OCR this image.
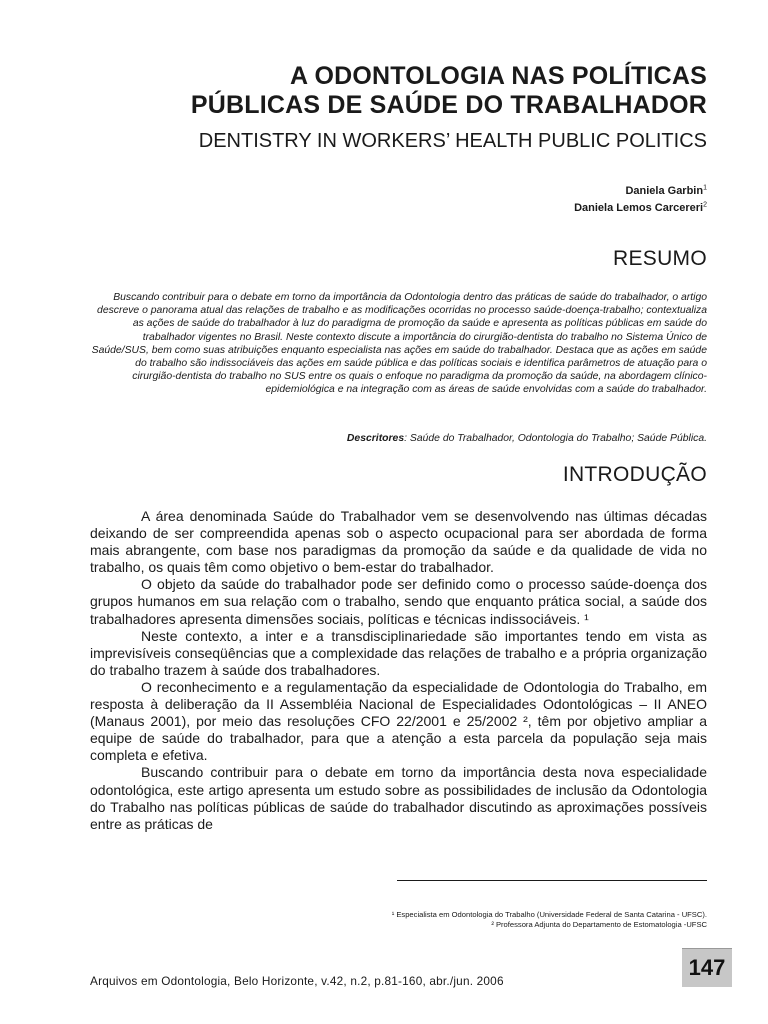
A ODONTOLOGIA NAS POLÍTICAS
PÚBLICAS DE SAÚDE DO TRABALHADOR
DENTISTRY IN WORKERS’ HEALTH PUBLIC POLITICS
Daniela Garbin$^1$
Daniela Lemos Carcereri$^2$
RESUMO
Buscando contribuir para o debate em torno da importância da Odontologia dentro das práticas de saúde do trabalhador, o artigo descreve o panorama atual das relações de trabalho e as modificações ocorridas no processo saúde-doença-trabalho; contextualiza as ações de saúde do trabalhador à luz do paradigma de promoção da saúde e apresenta as políticas públicas em saúde do trabalhador vigentes no Brasil. Neste contexto discute a importância do cirurgião-dentista do trabalho no Sistema Único de Saúde/SUS, bem como suas atribuições enquanto especialista nas ações em saúde do trabalhador. Destaca que as ações em saúde do trabalho são indissociáveis das ações em saúde pública e das políticas sociais e identifica parâmetros de atuação para o cirurgião-dentista do trabalho no SUS entre os quais o enfoque no paradigma da promoção da saúde, na abordagem clínico-epidemiológica e na integração com as áreas de saúde envolvidas com a saúde do trabalhador.
Descritores: Saúde do Trabalhador, Odontologia do Trabalho; Saúde Pública.
INTRODUÇÃO

A área denominada Saúde do Trabalhador vem se desenvolvendo nas últimas décadas deixando de ser compreendida apenas sob o aspecto ocupacional para ser abordada de forma mais abrangente, com base nos paradigmas da promoção da saúde e da qualidade de vida no trabalho, os quais têm como objetivo o bem-estar do trabalhador.

O objeto da saúde do trabalhador pode ser definido como o processo saúde-doença dos grupos humanos em sua relação com o trabalho, sendo que enquanto prática social, a saúde dos trabalhadores apresenta dimensões sociais, políticas e técnicas indissociáveis. ¹

Neste contexto, a inter e a transdisciplinariedade são importantes tendo em vista as imprevisíveis conseqüências que a complexidade das relações de trabalho e a própria organização do trabalho trazem à saúde dos trabalhadores.

O reconhecimento e a regulamentação da especialidade de Odontologia do Trabalho, em resposta à deliberação da II Assembléia Nacional de Especialidades Odontológicas – II ANEO (Manaus 2001), por meio das resoluções CFO 22/2001 e 25/2002 ², têm por objetivo ampliar a equipe de saúde do trabalhador, para que a atenção a esta parcela da população seja mais completa e efetiva.

Buscando contribuir para o debate em torno da importância desta nova especialidade odontológica, este artigo apresenta um estudo sobre as possibilidades de inclusão da Odontologia do Trabalho nas políticas públicas de saúde do trabalhador discutindo as aproximações possíveis entre as práticas de

¹ Especialista em Odontologia do Trabalho (Universidade Federal de Santa Catarina - UFSC).
² Professora Adjunta do Departamento de Estomatologia -UFSC
Arquivos em Odontologia, Belo Horizonte, v.42, n.2, p.81-160, abr./jun. 2006
147
